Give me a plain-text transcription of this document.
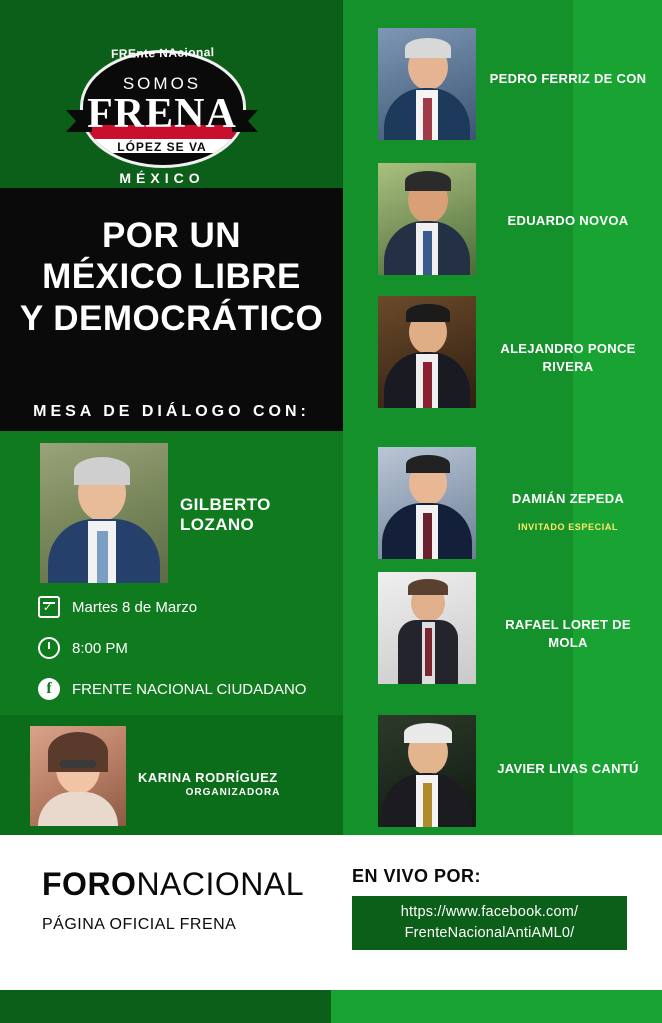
FREnte NAcional
SOMOS
FRENA
LÓPEZ SE VA
MÉXICO
POR UN
MÉXICO LIBRE
Y DEMOCRÁTICO
MESA DE DIÁLOGO CON:
GILBERTO LOZANO
✓
Martes 8 de Marzo
8:00 PM
f	FRENTE NACIONAL CIUDADANO
KARINA RODRÍGUEZ
ORGANIZADORA
PEDRO FERRIZ DE CON
EDUARDO NOVOA
ALEJANDRO PONCE RIVERA
DAMIÁN ZEPEDA
INVITADO ESPECIAL
RAFAEL LORET DE MOLA
JAVIER LIVAS CANTÚ
FORONACIONAL
PÁGINA OFICIAL FRENA
EN VIVO POR:
https://www.facebook.com/
FrenteNacionalAntiAML0/
